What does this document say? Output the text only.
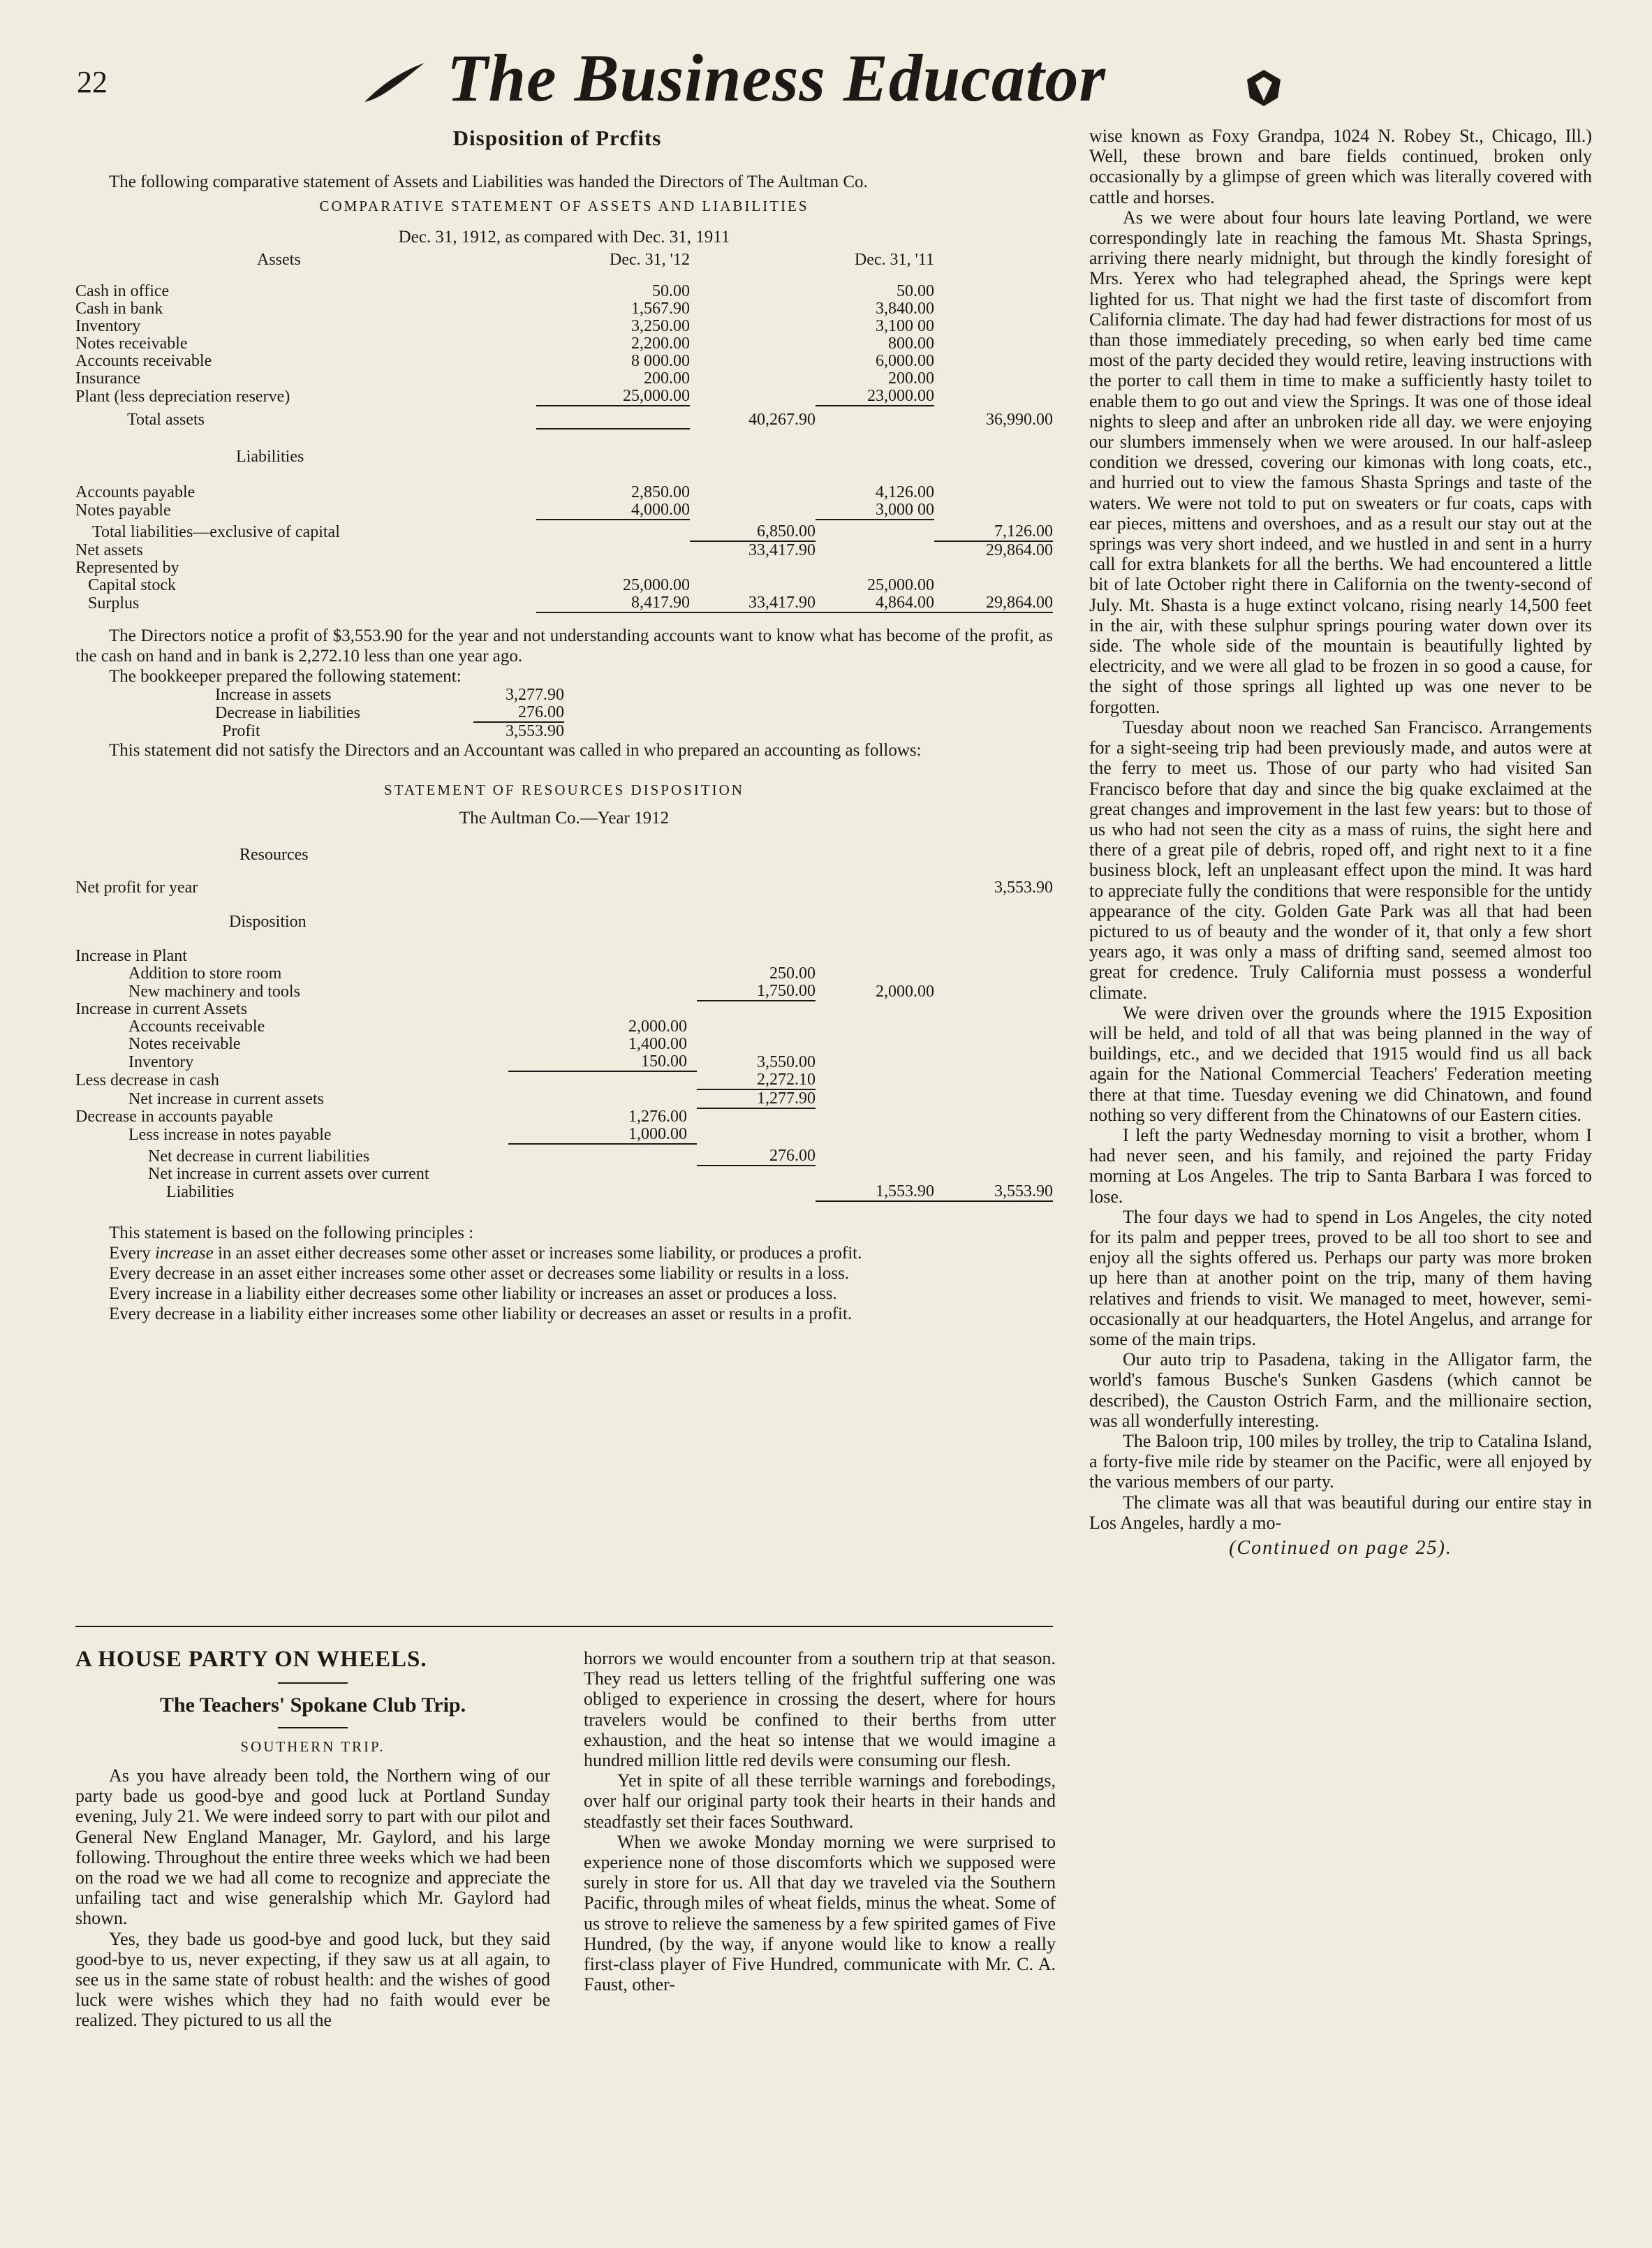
22	The Business Educator
Disposition of Prcfits

The following comparative statement of Assets and Liabilities was handed the Directors of The Aultman Co.

COMPARATIVE STATEMENT OF ASSETS AND LIABILITIES
Dec. 31, 1912, as compared with Dec. 31, 1911
Assets	Dec. 31, '12		Dec. 31, '11	
Cash in office	50.00		50.00	
Cash in bank	1,567.90		3,840.00	
Inventory	3,250.00		3,100 00	
Notes receivable	2,200.00		800.00	
Accounts receivable	8 000.00		6,000.00	
Insurance	200.00		200.00	
Plant (less depreciation reserve)	25,000.00		23,000.00	
Total assets		40,267.90		36,990.00
Liabilities				
Accounts payable	2,850.00		4,126.00	
Notes payable	4,000.00		3,000 00	
Total liabilities—exclusive of capital		6,850.00		7,126.00
Net assets		33,417.90		29,864.00
Represented by				
Capital stock	25,000.00		25,000.00	
Surplus	8,417.90	33,417.90	4,864.00	29,864.00

The Directors notice a profit of $3,553.90 for the year and not understanding accounts want to know what has become of the profit, as the cash on hand and in bank is 2,272.10 less than one year ago.

The bookkeeper prepared the following statement:

Increase in assets	3,277.90
Decrease in liabilities	276.00
Profit	3,553.90

This statement did not satisfy the Directors and an Accountant was called in who prepared an accounting as follows:

STATEMENT OF RESOURCES DISPOSITION
The Aultman Co.—Year 1912
Resources				
Net profit for year				3,553.90
Disposition				
Increase in Plant				
Addition to store room		250.00		
New machinery and tools		1,750.00	2,000.00	
Increase in current Assets				
Accounts receivable	2,000.00			
Notes receivable	1,400.00			
Inventory	150.00	3,550.00		
Less decrease in cash		2,272.10		
Net increase in current assets		1,277.90		
Decrease in accounts payable	1,276.00			
Less increase in notes payable	1,000.00			
Net decrease in current liabilities		276.00		
Net increase in current assets over current				
Liabilities			1,553.90	3,553.90

This statement is based on the following principles :

Every increase in an asset either decreases some other asset or increases some liability, or produces a profit.

Every decrease in an asset either increases some other asset or decreases some liability or results in a loss.

Every increase in a liability either decreases some other liability or increases an asset or produces a loss.

Every decrease in a liability either increases some other liability or decreases an asset or results in a profit.

A HOUSE PARTY ON WHEELS.
The Teachers' Spokane Club Trip.
SOUTHERN TRIP.

As you have already been told, the Northern wing of our party bade us good-bye and good luck at Portland Sunday evening, July 21. We were indeed sorry to part with our pilot and General New England Manager, Mr. Gaylord, and his large following. Throughout the entire three weeks which we had been on the road we we had all come to recognize and appreciate the unfailing tact and wise generalship which Mr. Gaylord had shown.

Yes, they bade us good-bye and good luck, but they said good-bye to us, never expecting, if they saw us at all again, to see us in the same state of robust health: and the wishes of good luck were wishes which they had no faith would ever be realized. They pictured to us all the

horrors we would encounter from a southern trip at that season. They read us letters telling of the frightful suffering one was obliged to experience in crossing the desert, where for hours travelers would be confined to their berths from utter exhaustion, and the heat so intense that we would imagine a hundred million little red devils were consuming our flesh.

Yet in spite of all these terrible warnings and forebodings, over half our original party took their hearts in their hands and steadfastly set their faces Southward.

When we awoke Monday morning we were surprised to experience none of those discomforts which we supposed were surely in store for us. All that day we traveled via the Southern Pacific, through miles of wheat fields, minus the wheat. Some of us strove to relieve the sameness by a few spirited games of Five Hundred, (by the way, if anyone would like to know a really first-class player of Five Hundred, communicate with Mr. C. A. Faust, other-

wise known as Foxy Grandpa, 1024 N. Robey St., Chicago, Ill.) Well, these brown and bare fields continued, broken only occasionally by a glimpse of green which was literally covered with cattle and horses.

As we were about four hours late leaving Portland, we were correspondingly late in reaching the famous Mt. Shasta Springs, arriving there nearly midnight, but through the kindly foresight of Mrs. Yerex who had telegraphed ahead, the Springs were kept lighted for us. That night we had the first taste of discomfort from California climate. The day had had fewer distractions for most of us than those immediately preceding, so when early bed time came most of the party decided they would retire, leaving instructions with the porter to call them in time to make a sufficiently hasty toilet to enable them to go out and view the Springs. It was one of those ideal nights to sleep and after an unbroken ride all day. we were enjoying our slumbers immensely when we were aroused. In our half-asleep condition we dressed, covering our kimonas with long coats, etc., and hurried out to view the famous Shasta Springs and taste of the waters. We were not told to put on sweaters or fur coats, caps with ear pieces, mittens and overshoes, and as a result our stay out at the springs was very short indeed, and we hustled in and sent in a hurry call for extra blankets for all the berths. We had encountered a little bit of late October right there in California on the twenty-second of July. Mt. Shasta is a huge extinct volcano, rising nearly 14,500 feet in the air, with these sulphur springs pouring water down over its side. The whole side of the mountain is beautifully lighted by electricity, and we were all glad to be frozen in so good a cause, for the sight of those springs all lighted up was one never to be forgotten.

Tuesday about noon we reached San Francisco. Arrangements for a sight-seeing trip had been previously made, and autos were at the ferry to meet us. Those of our party who had visited San Francisco before that day and since the big quake exclaimed at the great changes and improvement in the last few years: but to those of us who had not seen the city as a mass of ruins, the sight here and there of a great pile of debris, roped off, and right next to it a fine business block, left an unpleasant effect upon the mind. It was hard to appreciate fully the conditions that were responsible for the untidy appearance of the city. Golden Gate Park was all that had been pictured to us of beauty and the wonder of it, that only a few short years ago, it was only a mass of drifting sand, seemed almost too great for credence. Truly California must possess a wonderful climate.

We were driven over the grounds where the 1915 Exposition will be held, and told of all that was being planned in the way of buildings, etc., and we decided that 1915 would find us all back again for the National Commercial Teachers' Federation meeting there at that time. Tuesday evening we did Chinatown, and found nothing so very different from the Chinatowns of our Eastern cities.

I left the party Wednesday morning to visit a brother, whom I had never seen, and his family, and rejoined the party Friday morning at Los Angeles. The trip to Santa Barbara I was forced to lose.

The four days we had to spend in Los Angeles, the city noted for its palm and pepper trees, proved to be all too short to see and enjoy all the sights offered us. Perhaps our party was more broken up here than at another point on the trip, many of them having relatives and friends to visit. We managed to meet, however, semi-occasionally at our headquarters, the Hotel Angelus, and arrange for some of the main trips.

Our auto trip to Pasadena, taking in the Alligator farm, the world's famous Busche's Sunken Gasdens (which cannot be described), the Causton Ostrich Farm, and the millionaire section, was all wonderfully interesting.

The Baloon trip, 100 miles by trolley, the trip to Catalina Island, a forty-five mile ride by steamer on the Pacific, were all enjoyed by the various members of our party.

The climate was all that was beautiful during our entire stay in Los Angeles, hardly a mo-

(Continued on page 25).
